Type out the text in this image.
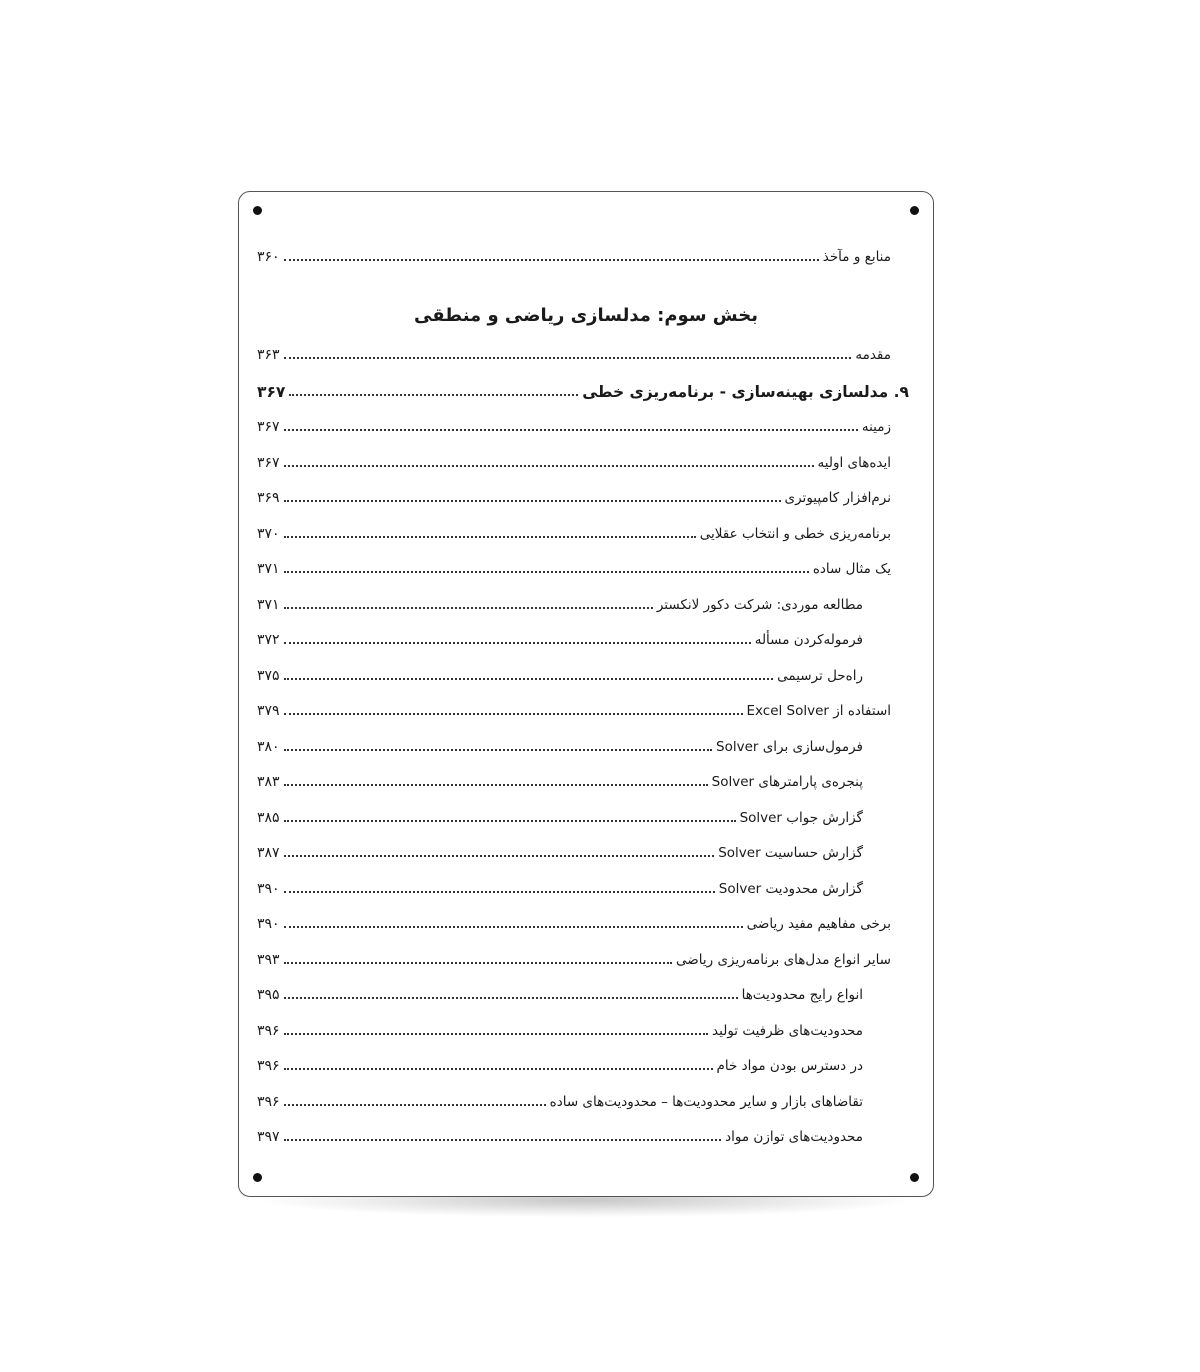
۳۶۰	منابع و مآخذ
بخش سوم: مدلسازی ریاضی و منطقی
۳۶۳	مقدمه
۳۶۷	۹. مدلسازی بهینه‌سازی - برنامه‌ریزی خطی
۳۶۷	زمینه
۳۶۷	ایده‌های اولیه
۳۶۹	نرم‌افزار کامپیوتری
۳۷۰	برنامه‌ریزی خطی و انتخاب عقلایی
۳۷۱	یک مثال ساده
۳۷۱	مطالعه موردی: شرکت دکور لانکستر
۳۷۲	فرموله‌کردن مسأله
۳۷۵	راه‌حل ترسیمی
۳۷۹	استفاده از Excel Solver
۳۸۰	فرمول‌سازی برای Solver
۳۸۳	پنجره‌ی پارامترهای Solver
۳۸۵	گزارش جواب Solver
۳۸۷	گزارش حساسیت Solver
۳۹۰	گزارش محدودیت Solver
۳۹۰	برخی مفاهیم مفید ریاضی
۳۹۳	سایر انواع مدل‌های برنامه‌ریزی ریاضی
۳۹۵	انواع رایج محدودیت‌ها
۳۹۶	محدودیت‌های ظرفیت تولید
۳۹۶	در دسترس بودن مواد خام
۳۹۶	تقاضاهای بازار و سایر محدودیت‌ها – محدودیت‌های ساده
۳۹۷	محدودیت‌های توازن مواد
